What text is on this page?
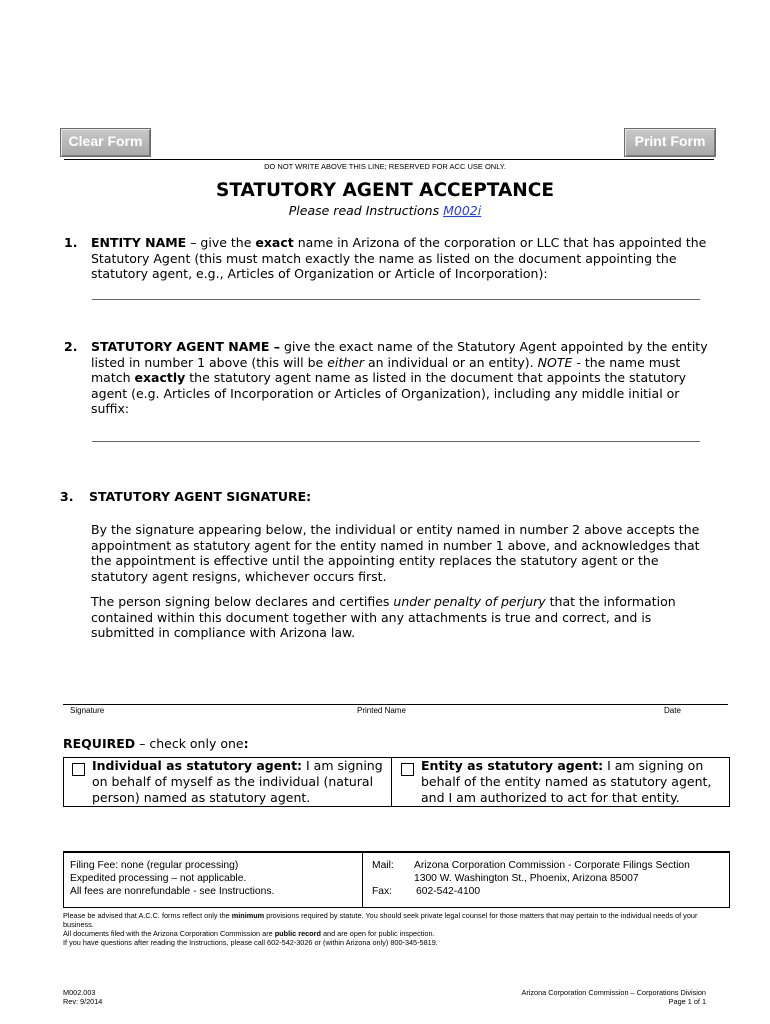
Clear Form	Print Form
DO NOT WRITE ABOVE THIS LINE; RESERVED FOR ACC USE ONLY.
STATUTORY AGENT ACCEPTANCE
Please read Instructions M002i
1. ENTITY NAME – give the exact name in Arizona of the corporation or LLC that has appointed the Statutory Agent (this must match exactly the name as listed on the document appointing the statutory agent, e.g., Articles of Organization or Article of Incorporation):
2. STATUTORY AGENT NAME – give the exact name of the Statutory Agent appointed by the entity listed in number 1 above (this will be either an individual or an entity). NOTE - the name must match exactly the statutory agent name as listed in the document that appoints the statutory agent (e.g. Articles of Incorporation or Articles of Organization), including any middle initial or suffix:
3. STATUTORY AGENT SIGNATURE:
By the signature appearing below, the individual or entity named in number 2 above accepts the appointment as statutory agent for the entity named in number 1 above, and acknowledges that the appointment is effective until the appointing entity replaces the statutory agent or the statutory agent resigns, whichever occurs first.
The person signing below declares and certifies under penalty of perjury that the information contained within this document together with any attachments is true and correct, and is submitted in compliance with Arizona law.
Signature	Printed Name	Date
REQUIRED – check only one:
Individual as statutory agent: I am signing on behalf of myself as the individual (natural person) named as statutory agent.
Entity as statutory agent: I am signing on behalf of the entity named as statutory agent, and I am authorized to act for that entity.
Filing Fee: none (regular processing)
Expedited processing – not applicable.
All fees are nonrefundable - see Instructions.
Mail: Arizona Corporation Commission - Corporate Filings Section
1300 W. Washington St., Phoenix, Arizona 85007
Fax: 602-542-4100
Please be advised that A.C.C. forms reflect only the minimum provisions required by statute. You should seek private legal counsel for those matters that may pertain to the individual needs of your business.
All documents filed with the Arizona Corporation Commission are public record and are open for public inspection.
If you have questions after reading the Instructions, please call 602-542-3026 or (within Arizona only) 800-345-5819.
M002.003
Rev: 9/2014
Arizona Corporation Commission – Corporations Division
Page 1 of 1
